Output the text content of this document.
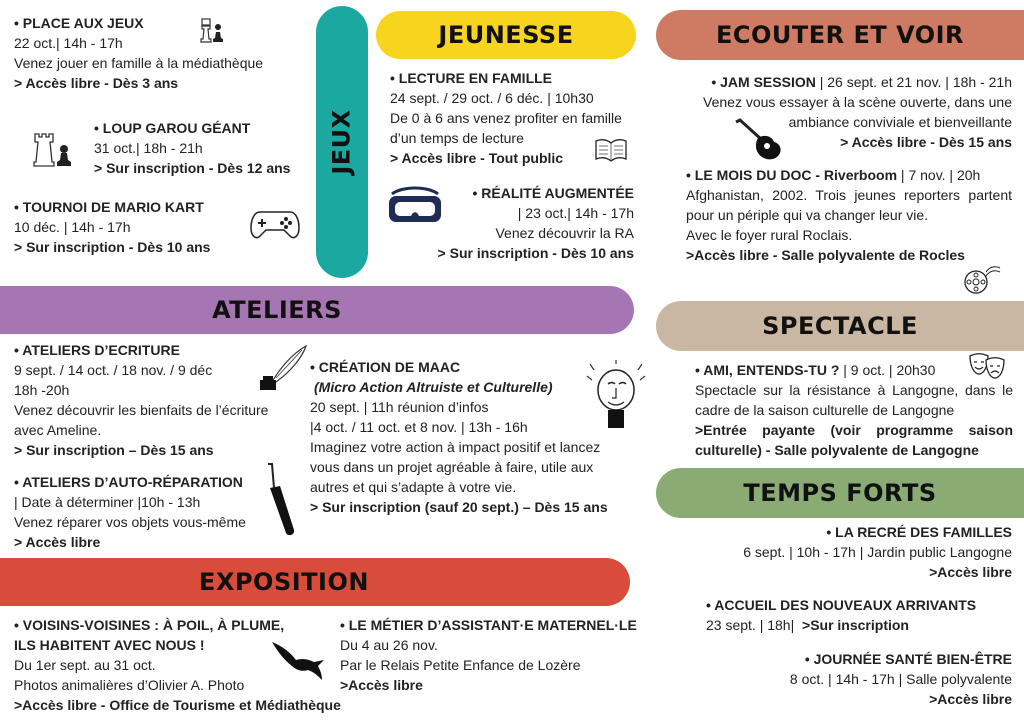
JEUX
JEUNESSE	ECOUTER ET VOIR
ATELIERS
SPECTACLE
TEMPS FORTS
EXPOSITION
• PLACE AUX JEUX
22 oct.| 14h - 17h
Venez jouer en famille à la médiathèque
> Accès libre - Dès 3 ans
• LOUP GAROU GÉANT
31 oct.| 18h - 21h
> Sur inscription - Dès 12 ans
• TOURNOI DE MARIO KART
10 déc. | 14h - 17h
> Sur inscription - Dès 10 ans
• LECTURE EN FAMILLE
24 sept. / 29 oct. / 6 déc. | 10h30
De 0 à 6 ans venez profiter en famille
d’un temps de lecture
> Accès libre - Tout public
• RÉALITÉ AUGMENTÉE
| 23 oct.| 14h - 17h
Venez découvrir la RA
> Sur inscription - Dès 10 ans
• JAM SESSION | 26 sept. et 21 nov. | 18h - 21h
Venez vous essayer à la scène ouverte, dans une
ambiance conviviale et bienveillante
> Accès libre - Dès 15 ans
• LE MOIS DU DOC - Riverboom | 7 nov. | 20h
Afghanistan, 2002. Trois jeunes reporters partent pour un périple qui va changer leur vie.
Avec le foyer rural Roclais.
>Accès libre - Salle polyvalente de Rocles
• ATELIERS D’ECRITURE
9 sept. / 14 oct. / 18 nov. / 9 déc
18h -20h
Venez découvrir les bienfaits de l’écriture
avec Ameline.
> Sur inscription – Dès 15 ans
• ATELIERS D’AUTO-RÉPARATION
| Date à déterminer |10h - 13h
Venez réparer vos objets vous-même
> Accès libre
• CRÉATION DE MAAC
(Micro Action Altruiste et Culturelle)
20 sept. | 11h réunion d’infos
|4 oct. / 11 oct. et 8 nov. | 13h - 16h
Imaginez votre action à impact positif et lancez
vous dans un projet agréable à faire, utile aux
autres et qui s’adapte à votre vie.
> Sur inscription (sauf 20 sept.) – Dès 15 ans
• AMI, ENTENDS-TU ? | 9 oct. | 20h30
Spectacle sur la résistance à Langogne, dans le cadre de la saison culturelle de Langogne
>Entrée payante (voir programme saison culturelle) - Salle polyvalente de Langogne
• LA RECRÉ DES FAMILLES
6 sept. | 10h - 17h | Jardin public Langogne
>Accès libre
• ACCUEIL DES NOUVEAUX ARRIVANTS
23 sept. | 18h|  >Sur inscription
• JOURNÉE SANTÉ BIEN-ÊTRE
8 oct. | 14h - 17h | Salle polyvalente
>Accès libre
• VOISINS-VOISINES : À POIL, À PLUME,
ILS HABITENT AVEC NOUS !
Du 1er sept. au 31 oct.
Photos animalières d’Olivier A. Photo
>Accès libre - Office de Tourisme et Médiathèque
• LE MÉTIER D’ASSISTANT·E MATERNEL·LE
Du 4 au 26 nov.
Par le Relais Petite Enfance de Lozère
>Accès libre
